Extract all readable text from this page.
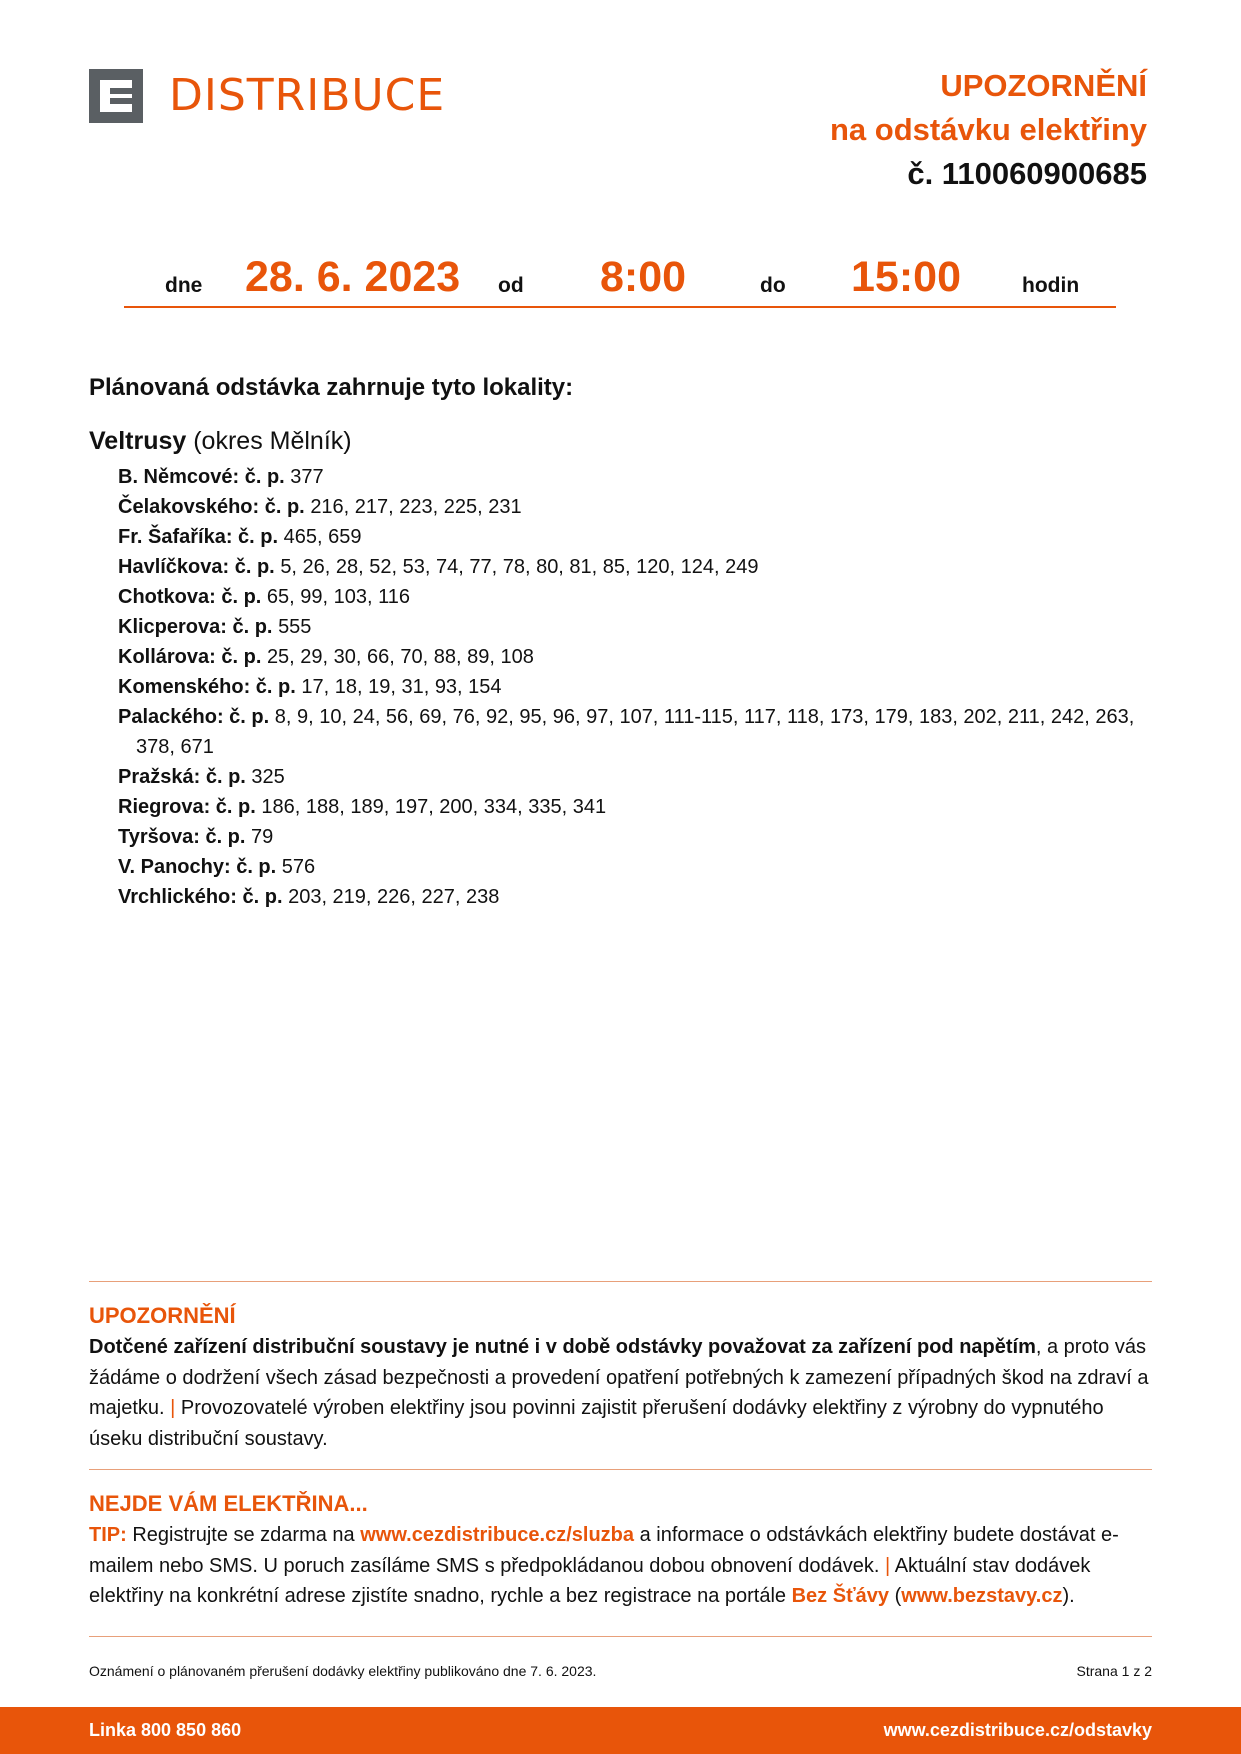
DISTRIBUCE	UPOZORNĚNÍ
na odstávku elektřiny
č. 110060900685
dne 28. 6. 2023 od 8:00	do 15:00	hodin
Plánovaná odstávka zahrnuje tyto lokality:
Veltrusy (okres Mělník)
B. Němcové: č. p. 377
Čelakovského: č. p. 216, 217, 223, 225, 231
Fr. Šafaříka: č. p. 465, 659
Havlíčkova: č. p. 5, 26, 28, 52, 53, 74, 77, 78, 80, 81, 85, 120, 124, 249
Chotkova: č. p. 65, 99, 103, 116
Klicperova: č. p. 555
Kollárova: č. p. 25, 29, 30, 66, 70, 88, 89, 108
Komenského: č. p. 17, 18, 19, 31, 93, 154
Palackého: č. p. 8, 9, 10, 24, 56, 69, 76, 92, 95, 96, 97, 107, 111-115, 117, 118, 173, 179, 183, 202, 211, 242, 263, 378, 671
Pražská: č. p. 325
Riegrova: č. p. 186, 188, 189, 197, 200, 334, 335, 341
Tyršova: č. p. 79
V. Panochy: č. p. 576
Vrchlického: č. p. 203, 219, 226, 227, 238
UPOZORNĚNÍ
Dotčené zařízení distribuční soustavy je nutné i v době odstávky považovat za zařízení pod napětím, a proto vás žádáme o dodržení všech zásad bezpečnosti a provedení opatření potřebných k zamezení případných škod na zdraví a majetku. | Provozovatelé výroben elektřiny jsou povinni zajistit přerušení dodávky elektřiny z výrobny do vypnutého úseku distribuční soustavy.
NEJDE VÁM ELEKTŘINA...
TIP: Registrujte se zdarma na www.cezdistribuce.cz/sluzba a informace o odstávkách elektřiny budete dostávat e-mailem nebo SMS. U poruch zasíláme SMS s předpokládanou dobou obnovení dodávek. | Aktuální stav dodávek elektřiny na konkrétní adrese zjistíte snadno, rychle a bez registrace na portále Bez Šťávy (www.bezstavy.cz).
Oznámení o plánovaném přerušení dodávky elektřiny publikováno dne 7. 6. 2023.	Strana 1 z 2
Linka 800 850 860	www.cezdistribuce.cz/odstavky
